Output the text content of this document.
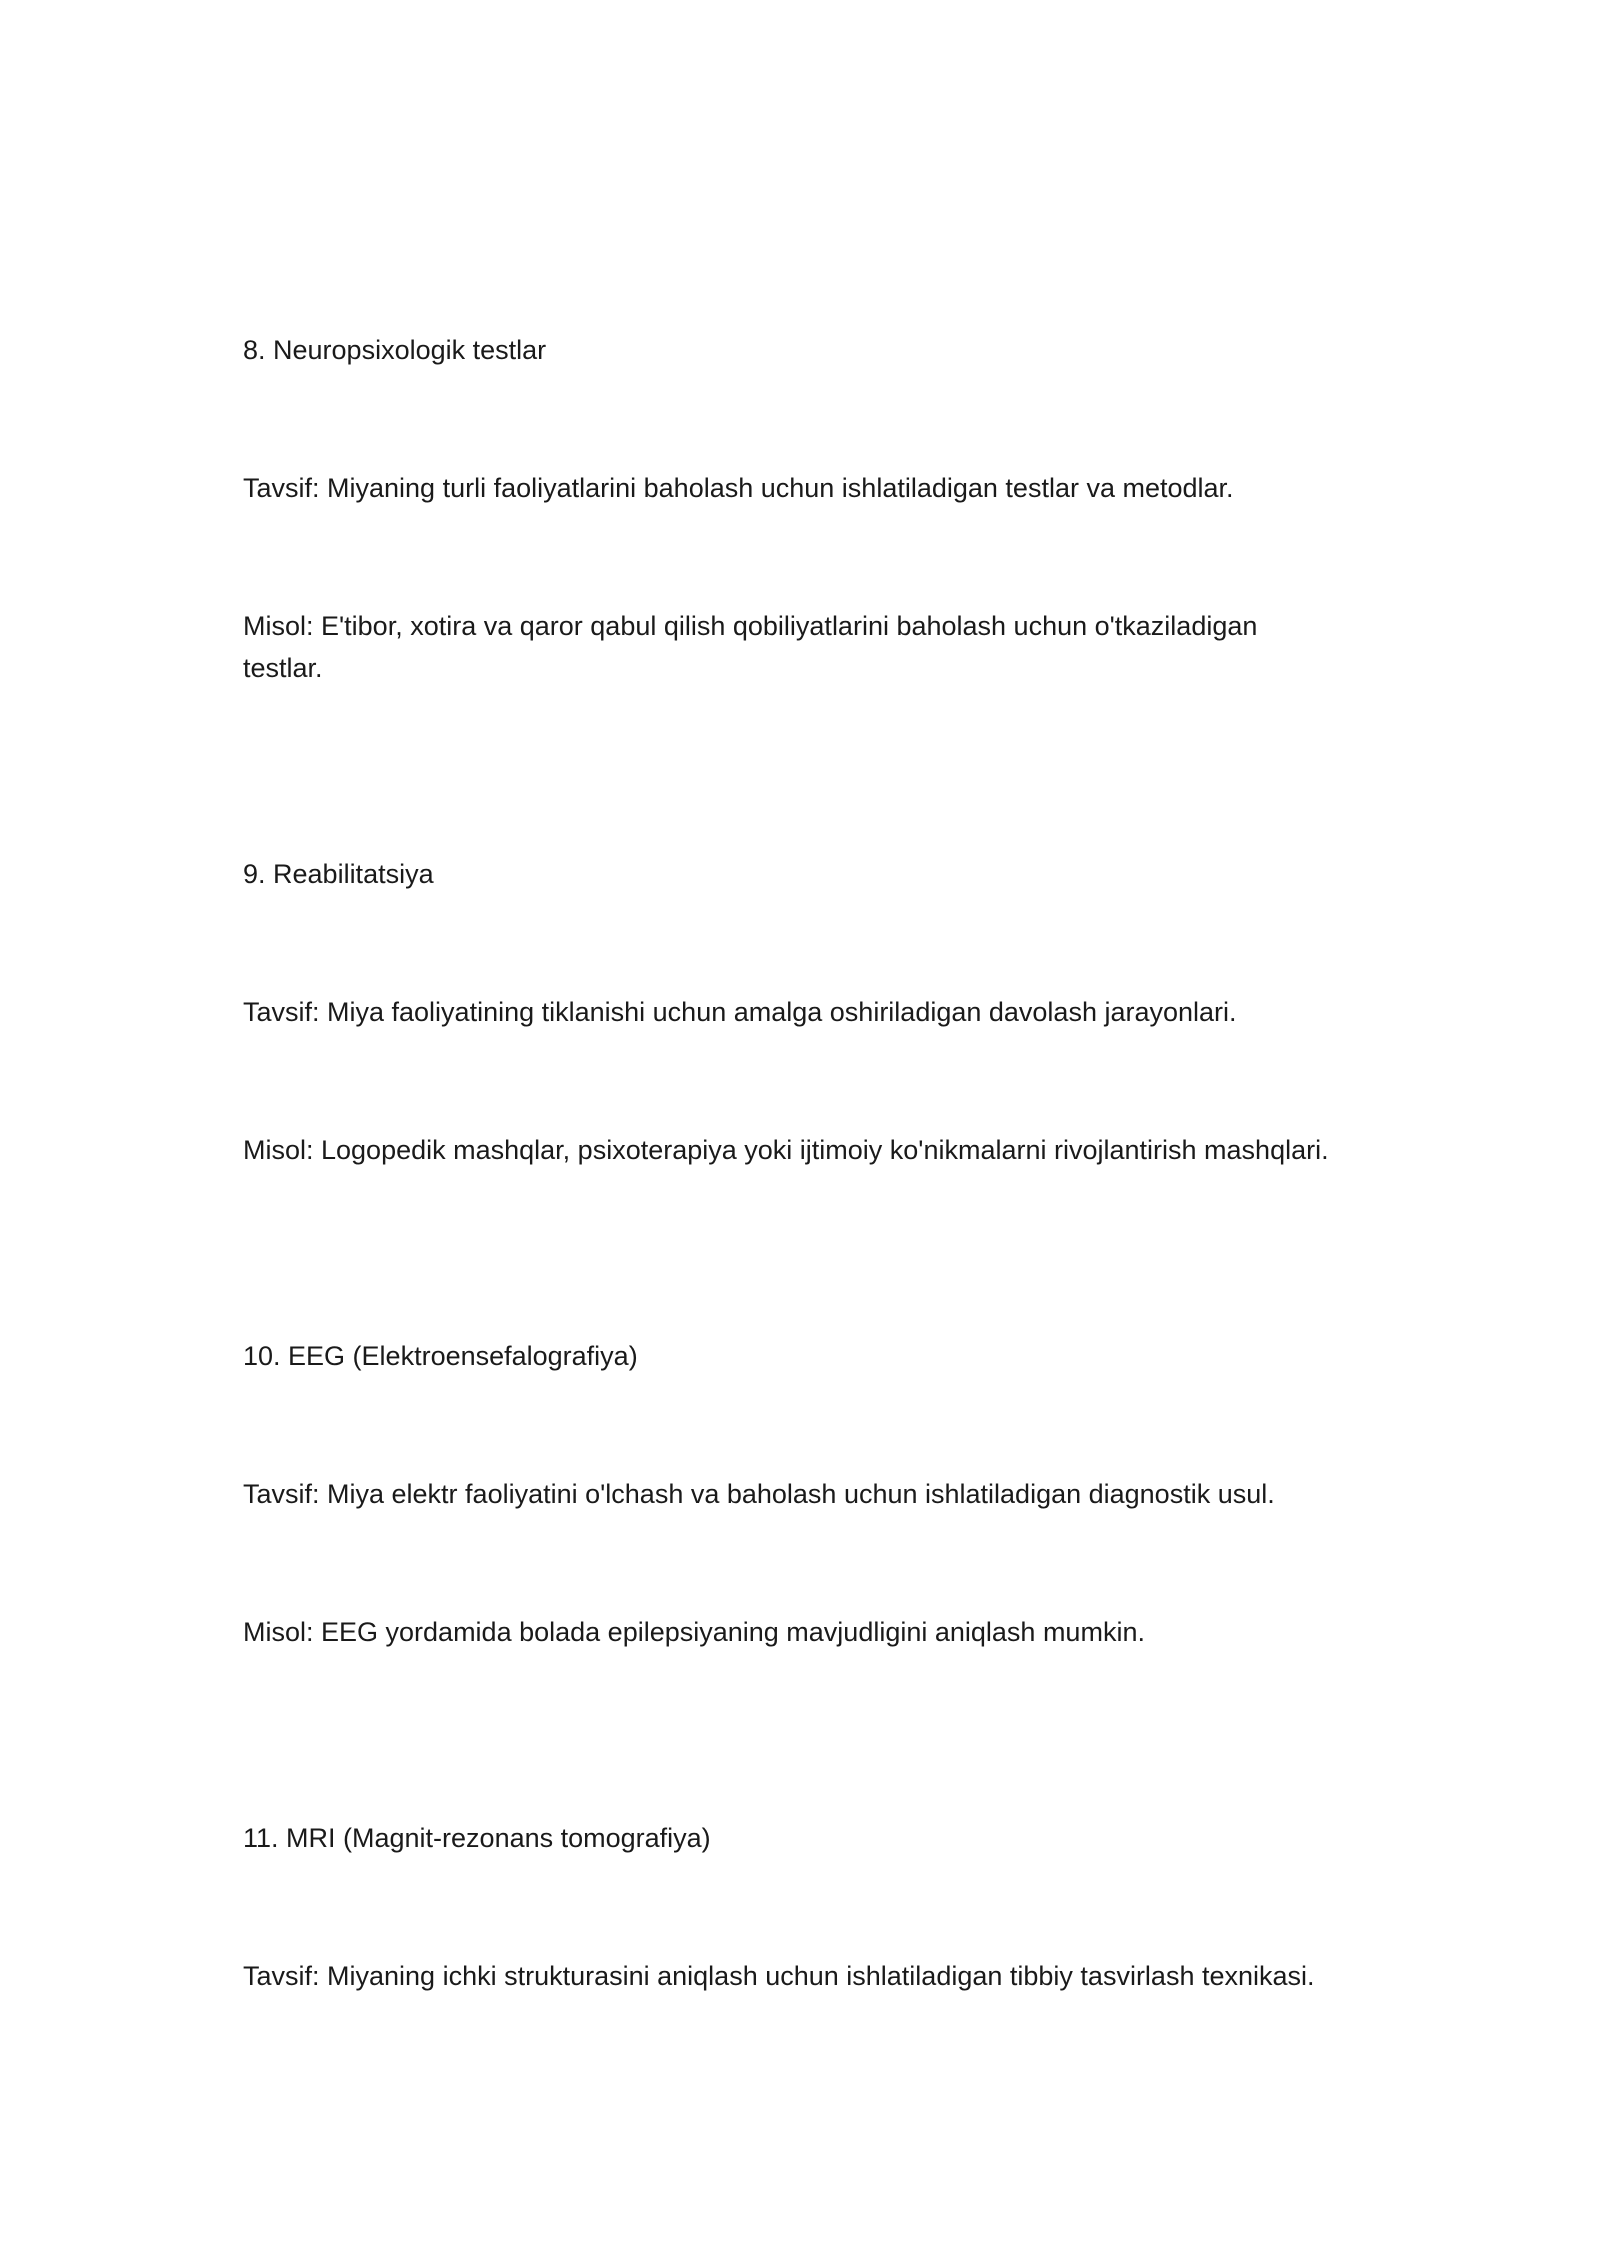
8. Neuropsixologik testlar

Tavsif: Miyaning turli faoliyatlarini baholash uchun ishlatiladigan testlar va metodlar.

Misol: E'tibor, xotira va qaror qabul qilish qobiliyatlarini baholash uchun o'tkaziladigan testlar.

9. Reabilitatsiya

Tavsif: Miya faoliyatining tiklanishi uchun amalga oshiriladigan davolash jarayonlari.

Misol: Logopedik mashqlar, psixoterapiya yoki ijtimoiy ko'nikmalarni rivojlantirish mashqlari.

10. EEG (Elektroensefalografiya)

Tavsif: Miya elektr faoliyatini o'lchash va baholash uchun ishlatiladigan diagnostik usul.

Misol: EEG yordamida bolada epilepsiyaning mavjudligini aniqlash mumkin.

11. MRI (Magnit-rezonans tomografiya)

Tavsif: Miyaning ichki strukturasini aniqlash uchun ishlatiladigan tibbiy tasvirlash texnikasi.
